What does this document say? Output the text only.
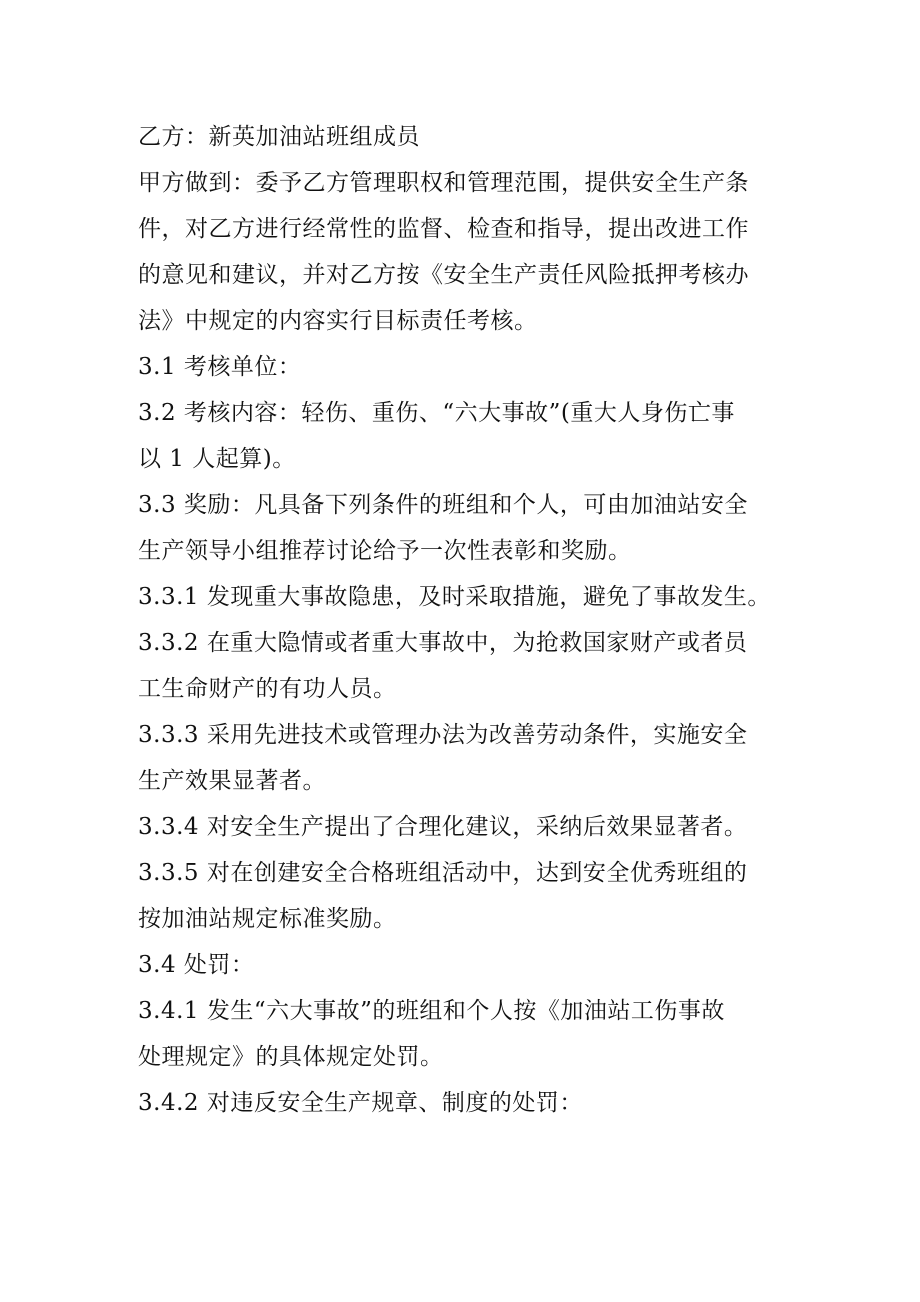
乙方：新英加油站班组成员
甲方做到：委予乙方管理职权和管理范围，提供安全生产条
件，对乙方进行经常性的监督、检查和指导，提出改进工作
的意见和建议，并对乙方按《安全生产责任风险抵押考核办
法》中规定的内容实行目标责任考核。
3.1 考核单位：
3.2 考核内容：轻伤、重伤、“六大事故”(重大人身伤亡事
以 1 人起算)。
3.3 奖励：凡具备下列条件的班组和个人，可由加油站安全
生产领导小组推荐讨论给予一次性表彰和奖励。
3.3.1 发现重大事故隐患，及时采取措施，避免了事故发生。
3.3.2 在重大隐情或者重大事故中，为抢救国家财产或者员
工生命财产的有功人员。
3.3.3 采用先进技术或管理办法为改善劳动条件，实施安全
生产效果显著者。
3.3.4 对安全生产提出了合理化建议，采纳后效果显著者。
3.3.5 对在创建安全合格班组活动中，达到安全优秀班组的
按加油站规定标准奖励。
3.4 处罚：
3.4.1 发生“六大事故”的班组和个人按《加油站工伤事故
处理规定》的具体规定处罚。
3.4.2 对违反安全生产规章、制度的处罚：
